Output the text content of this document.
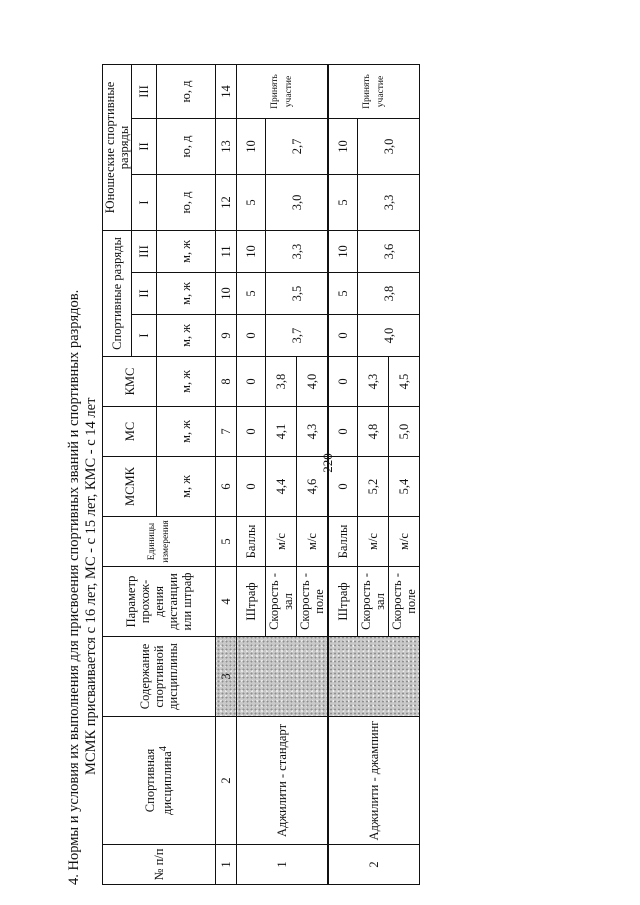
220
4. Нормы и условия их выполнения для присвоения спортивных званий и спортивных разрядов. МСМК присваивается с 16 лет, МС - с 15 лет, КМС - с 14 лет
№ п/п	Спортивная дисциплина$^4$	Содержание спортивной дисциплины	Параметр прохож-дения дистанции или штраф	Единицы измерения	МСМК	МС	КМС	Спортивные разряды			Юношеские спортивные разряды		
								I	II	III	I	II	III
					м, ж	м, ж	м, ж	м, ж	м, ж	м, ж	ю, д	ю, д	ю, д
1	2	3	4	5	6	7	8	9	10	11	12	13	14
1	Аджилити - стандарт		Штраф	Баллы	0	0	0	0	5	10	5	10	Принять участие
			Скорость - зал	м/с	4,4	4,1	3,8	3,7	3,5	3,3	3,0	2,7	
			Скорость - поле	м/с	4,6	4,3	4,0						
2	Аджилити - джампинг		Штраф	Баллы	0	0	0	0	5	10	5	10	Принять участие
			Скорость - зал	м/с	5,2	4,8	4,3	4,0	3,8	3,6	3,3	3,0	
			Скорость - поле	м/с	5,4	5,0	4,5						
